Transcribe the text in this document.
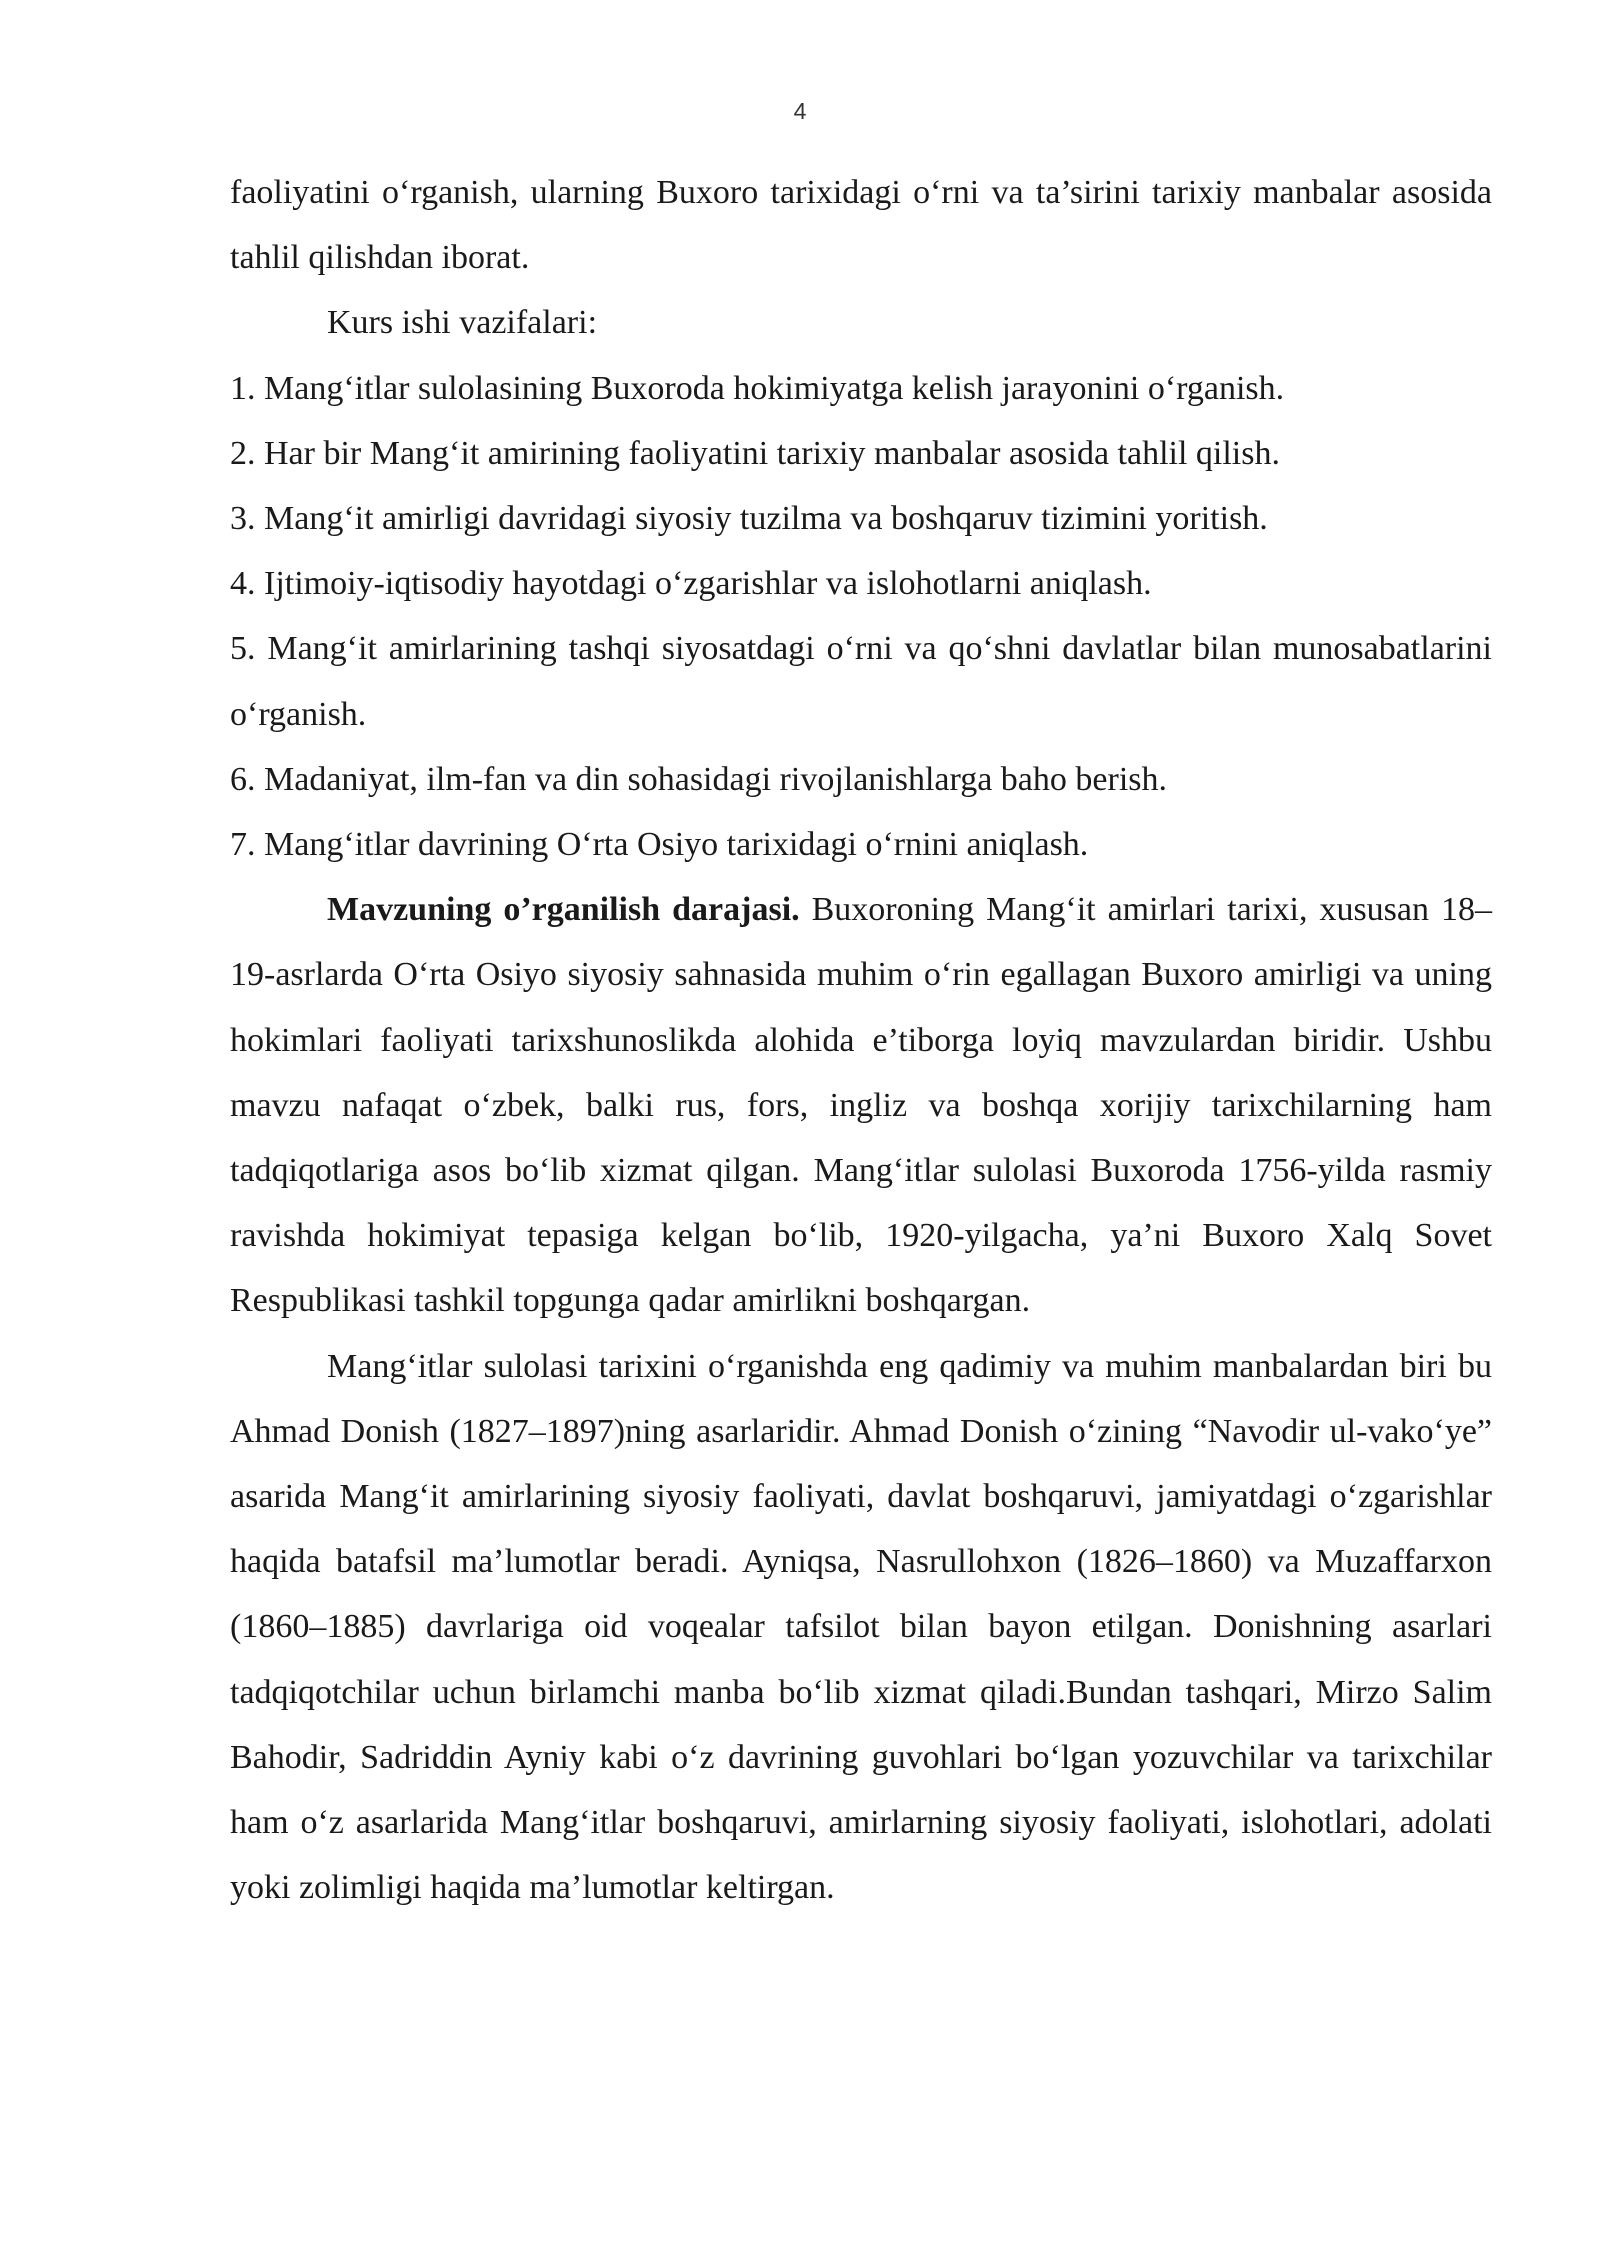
4

faoliyatini o‘rganish, ularning Buxoro tarixidagi o‘rni va ta’sirini tarixiy manbalar asosida tahlil qilishdan iborat.

Kurs ishi vazifalari:

1. Mang‘itlar sulolasining Buxoroda hokimiyatga kelish jarayonini o‘rganish.

2. Har bir Mang‘it amirining faoliyatini tarixiy manbalar asosida tahlil qilish.

3. Mang‘it amirligi davridagi siyosiy tuzilma va boshqaruv tizimini yoritish.

4. Ijtimoiy-iqtisodiy hayotdagi o‘zgarishlar va islohotlarni aniqlash.

5. Mang‘it amirlarining tashqi siyosatdagi o‘rni va qo‘shni davlatlar bilan munosabatlarini o‘rganish.

6. Madaniyat, ilm-fan va din sohasidagi rivojlanishlarga baho berish.

7. Mang‘itlar davrining O‘rta Osiyo tarixidagi o‘rnini aniqlash.

Mavzuning o’rganilish darajasi. Buxoroning Mang‘it amirlari tarixi, xususan 18–19-asrlarda O‘rta Osiyo siyosiy sahnasida muhim o‘rin egallagan Buxoro amirligi va uning hokimlari faoliyati tarixshunoslikda alohida e’tiborga loyiq mavzulardan biridir. Ushbu mavzu nafaqat o‘zbek, balki rus, fors, ingliz va boshqa xorijiy tarixchilarning ham tadqiqotlariga asos bo‘lib xizmat qilgan. Mang‘itlar sulolasi Buxoroda 1756-yilda rasmiy ravishda hokimiyat tepasiga kelgan bo‘lib, 1920-yilgacha, ya’ni Buxoro Xalq Sovet Respublikasi tashkil topgunga qadar amirlikni boshqargan.

Mang‘itlar sulolasi tarixini o‘rganishda eng qadimiy va muhim manbalardan biri bu Ahmad Donish (1827–1897)ning asarlaridir. Ahmad Donish o‘zining “Navodir ul-vako‘ye” asarida Mang‘it amirlarining siyosiy faoliyati, davlat boshqaruvi, jamiyatdagi o‘zgarishlar haqida batafsil ma’lumotlar beradi. Ayniqsa, Nasrullohxon (1826–1860) va Muzaffarxon (1860–1885) davrlariga oid voqealar tafsilot bilan bayon etilgan. Donishning asarlari tadqiqotchilar uchun birlamchi manba bo‘lib xizmat qiladi.Bundan tashqari, Mirzo Salim Bahodir, Sadriddin Ayniy kabi o‘z davrining guvohlari bo‘lgan yozuvchilar va tarixchilar ham o‘z asarlarida Mang‘itlar boshqaruvi, amirlarning siyosiy faoliyati, islohotlari, adolati yoki zolimligi haqida ma’lumotlar keltirgan.
